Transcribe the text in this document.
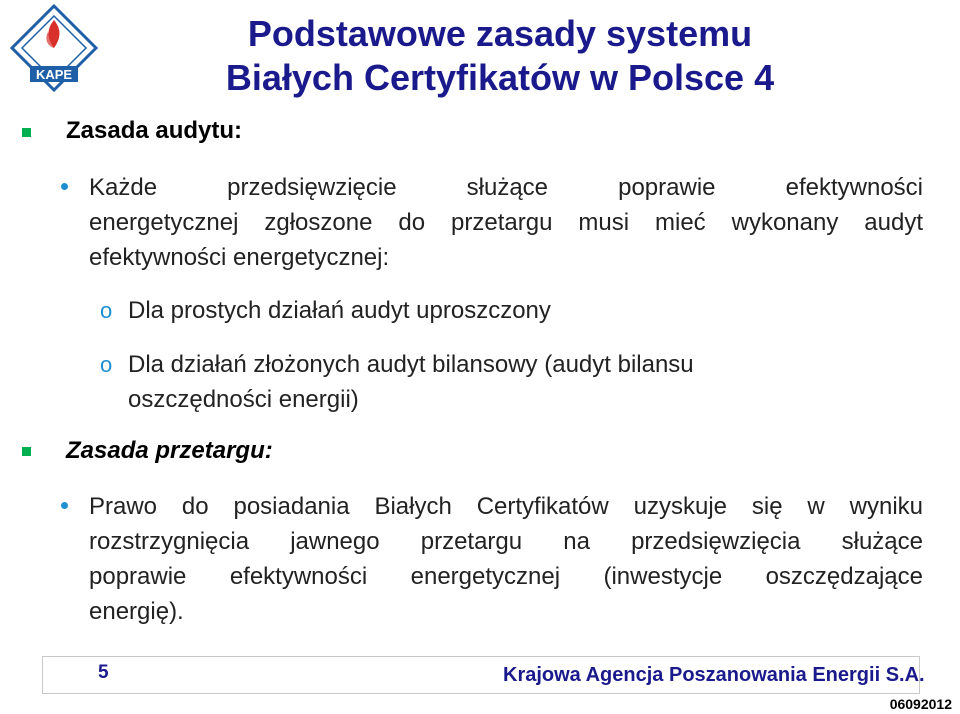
KAPE
Podstawowe zasady systemu
Białych Certyfikatów w Polsce 4
Zasada audytu:
Każde przedsięwzięcie służące poprawie efektywności
energetycznej zgłoszone do przetargu musi mieć wykonany audyt
efektywności energetycznej:
o Dla prostych działań audyt uproszczony
o Dla działań złożonych audyt bilansowy (audyt bilansu
oszczędności energii)
Zasada przetargu:
Prawo do posiadania Białych Certyfikatów uzyskuje się w wyniku
rozstrzygnięcia jawnego przetargu na przedsięwzięcia służące
poprawie efektywności energetycznej (inwestycje oszczędzające
energię).
5	Krajowa Agencja Poszanowania Energii S.A.
06092012
